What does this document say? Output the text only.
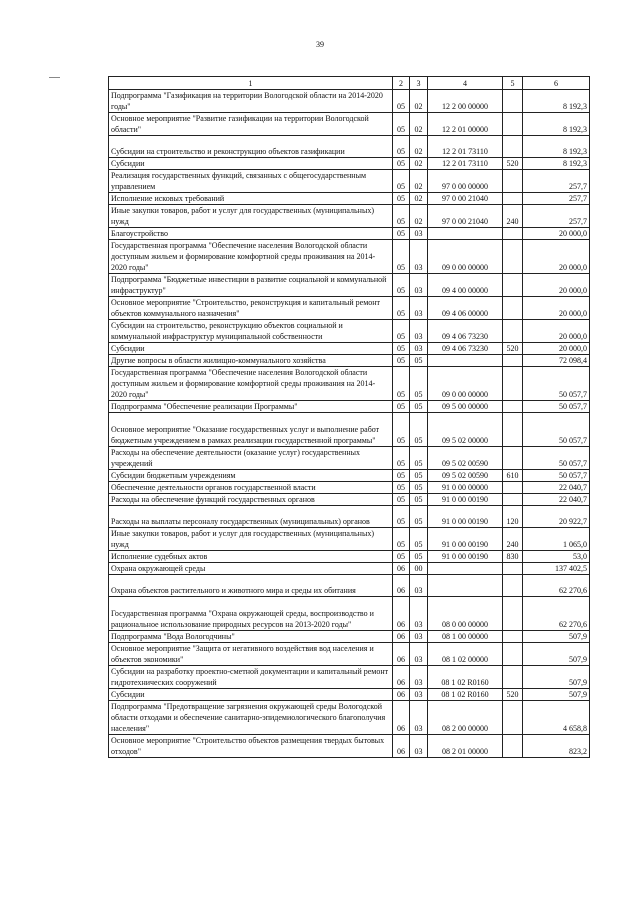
39
1	2	3	4	5	6
Подпрограмма "Газификация на территории Вологодской области на 2014-2020 годы"	05	02	12 2 00 00000		8 192,3
Основное мероприятие "Развитие газификации на территории Вологодской области"	05	02	12 2 01 00000		8 192,3
Субсидии на строительство и реконструкцию объектов газификации	05	02	12 2 01 73110		8 192,3
Субсидии	05	02	12 2 01 73110	520	8 192,3
Реализация государственных функций, связанных с общегосударственным управлением	05	02	97 0 00 00000		257,7
Исполнение исковых требований	05	02	97 0 00 21040		257,7
Иные закупки товаров, работ и услуг для государственных (муниципальных) нужд	05	02	97 0 00 21040	240	257,7
Благоустройство	05	03			20 000,0
Государственная программа "Обеспечение населения Вологодской области доступным жильем и формирование комфортной среды проживания на 2014-2020 годы"	05	03	09 0 00 00000		20 000,0
Подпрограмма "Бюджетные инвестиции в развитие социальной и коммунальной инфраструктур"	05	03	09 4 00 00000		20 000,0
Основное мероприятие "Строительство, реконструкция и капитальный ремонт объектов коммунального назначения"	05	03	09 4 06 00000		20 000,0
Субсидии на строительство, реконструкцию объектов социальной и коммунальной инфраструктур муниципальной собственности	05	03	09 4 06 73230		20 000,0
Субсидии	05	03	09 4 06 73230	520	20 000,0
Другие вопросы в области жилищно-коммунального хозяйства	05	05			72 098,4
Государственная программа "Обеспечение населения Вологодской области доступным жильем и формирование комфортной среды проживания на 2014-2020 годы"	05	05	09 0 00 00000		50 057,7
Подпрограмма "Обеспечение реализации Программы"	05	05	09 5 00 00000		50 057,7
Основное мероприятие "Оказание государственных услуг и выполнение работ бюджетным учреждением в рамках реализации государственной программы"	05	05	09 5 02 00000		50 057,7
Расходы на обеспечение деятельности (оказание услуг) государственных учреждений	05	05	09 5 02 00590		50 057,7
Субсидии бюджетным учреждениям	05	05	09 5 02 00590	610	50 057,7
Обеспечение деятельности органов государственной власти	05	05	91 0 00 00000		22 040,7
Расходы на обеспечение функций государственных органов	05	05	91 0 00 00190		22 040,7
Расходы на выплаты персоналу государственных (муниципальных) органов	05	05	91 0 00 00190	120	20 922,7
Иные закупки товаров, работ и услуг для государственных (муниципальных) нужд	05	05	91 0 00 00190	240	1 065,0
Исполнение судебных актов	05	05	91 0 00 00190	830	53,0
Охрана окружающей среды	06	00			137 402,5
Охрана объектов растительного и животного мира и среды их обитания	06	03			62 270,6
Государственная программа "Охрана окружающей среды, воспроизводство и рациональное использование природных ресурсов на 2013-2020 годы"	06	03	08 0 00 00000		62 270,6
Подпрограмма "Вода Вологодчины"	06	03	08 1 00 00000		507,9
Основное мероприятие "Защита от негативного воздействия вод населения и объектов экономики"	06	03	08 1 02 00000		507,9
Субсидии на разработку проектно-сметной документации и капитальный ремонт гидротехнических сооружений	06	03	08 1 02 R0160		507,9
Субсидии	06	03	08 1 02 R0160	520	507,9
Подпрограмма "Предотвращение загрязнения окружающей среды Вологодской области отходами и обеспечение санитарно-эпидемиологического благополучия населения"	06	03	08 2 00 00000		4 658,8
Основное мероприятие "Строительство объектов размещения твердых бытовых отходов"	06	03	08 2 01 00000		823,2
